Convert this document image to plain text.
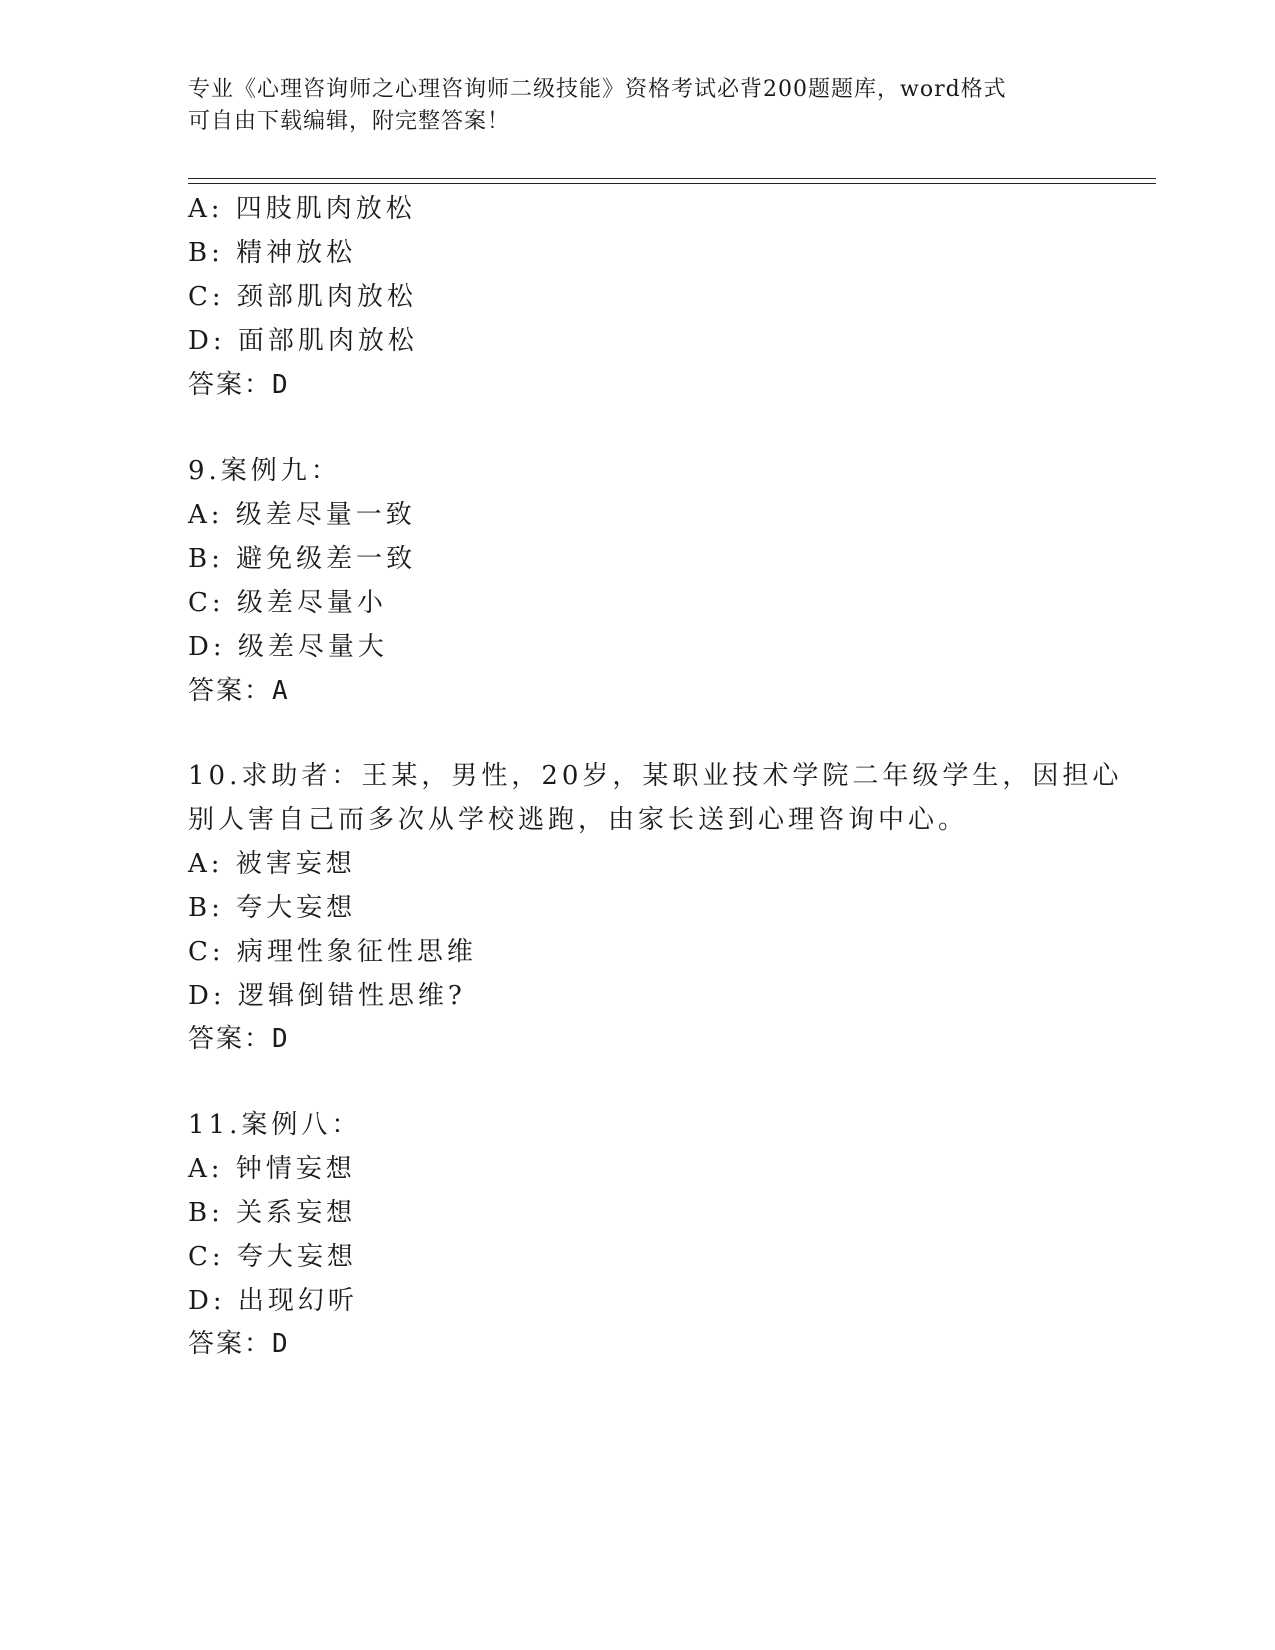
专业《心理咨询师之心理咨询师二级技能》资格考试必背200题题库，word格式
可自由下载编辑，附完整答案！
A: 四肢肌肉放松
B: 精神放松
C: 颈部肌肉放松
D: 面部肌肉放松
答案：D
9.案例九：
A: 级差尽量一致
B: 避免级差一致
C: 级差尽量小
D: 级差尽量大
答案：A
10.求助者：王某，男性，20岁，某职业技术学院二年级学生，因担心
别人害自己而多次从学校逃跑，由家长送到心理咨询中心。
A: 被害妄想
B: 夸大妄想
C: 病理性象征性思维
D: 逻辑倒错性思维?
答案：D
11.案例八：
A: 钟情妄想
B: 关系妄想
C: 夸大妄想
D: 出现幻听
答案：D
